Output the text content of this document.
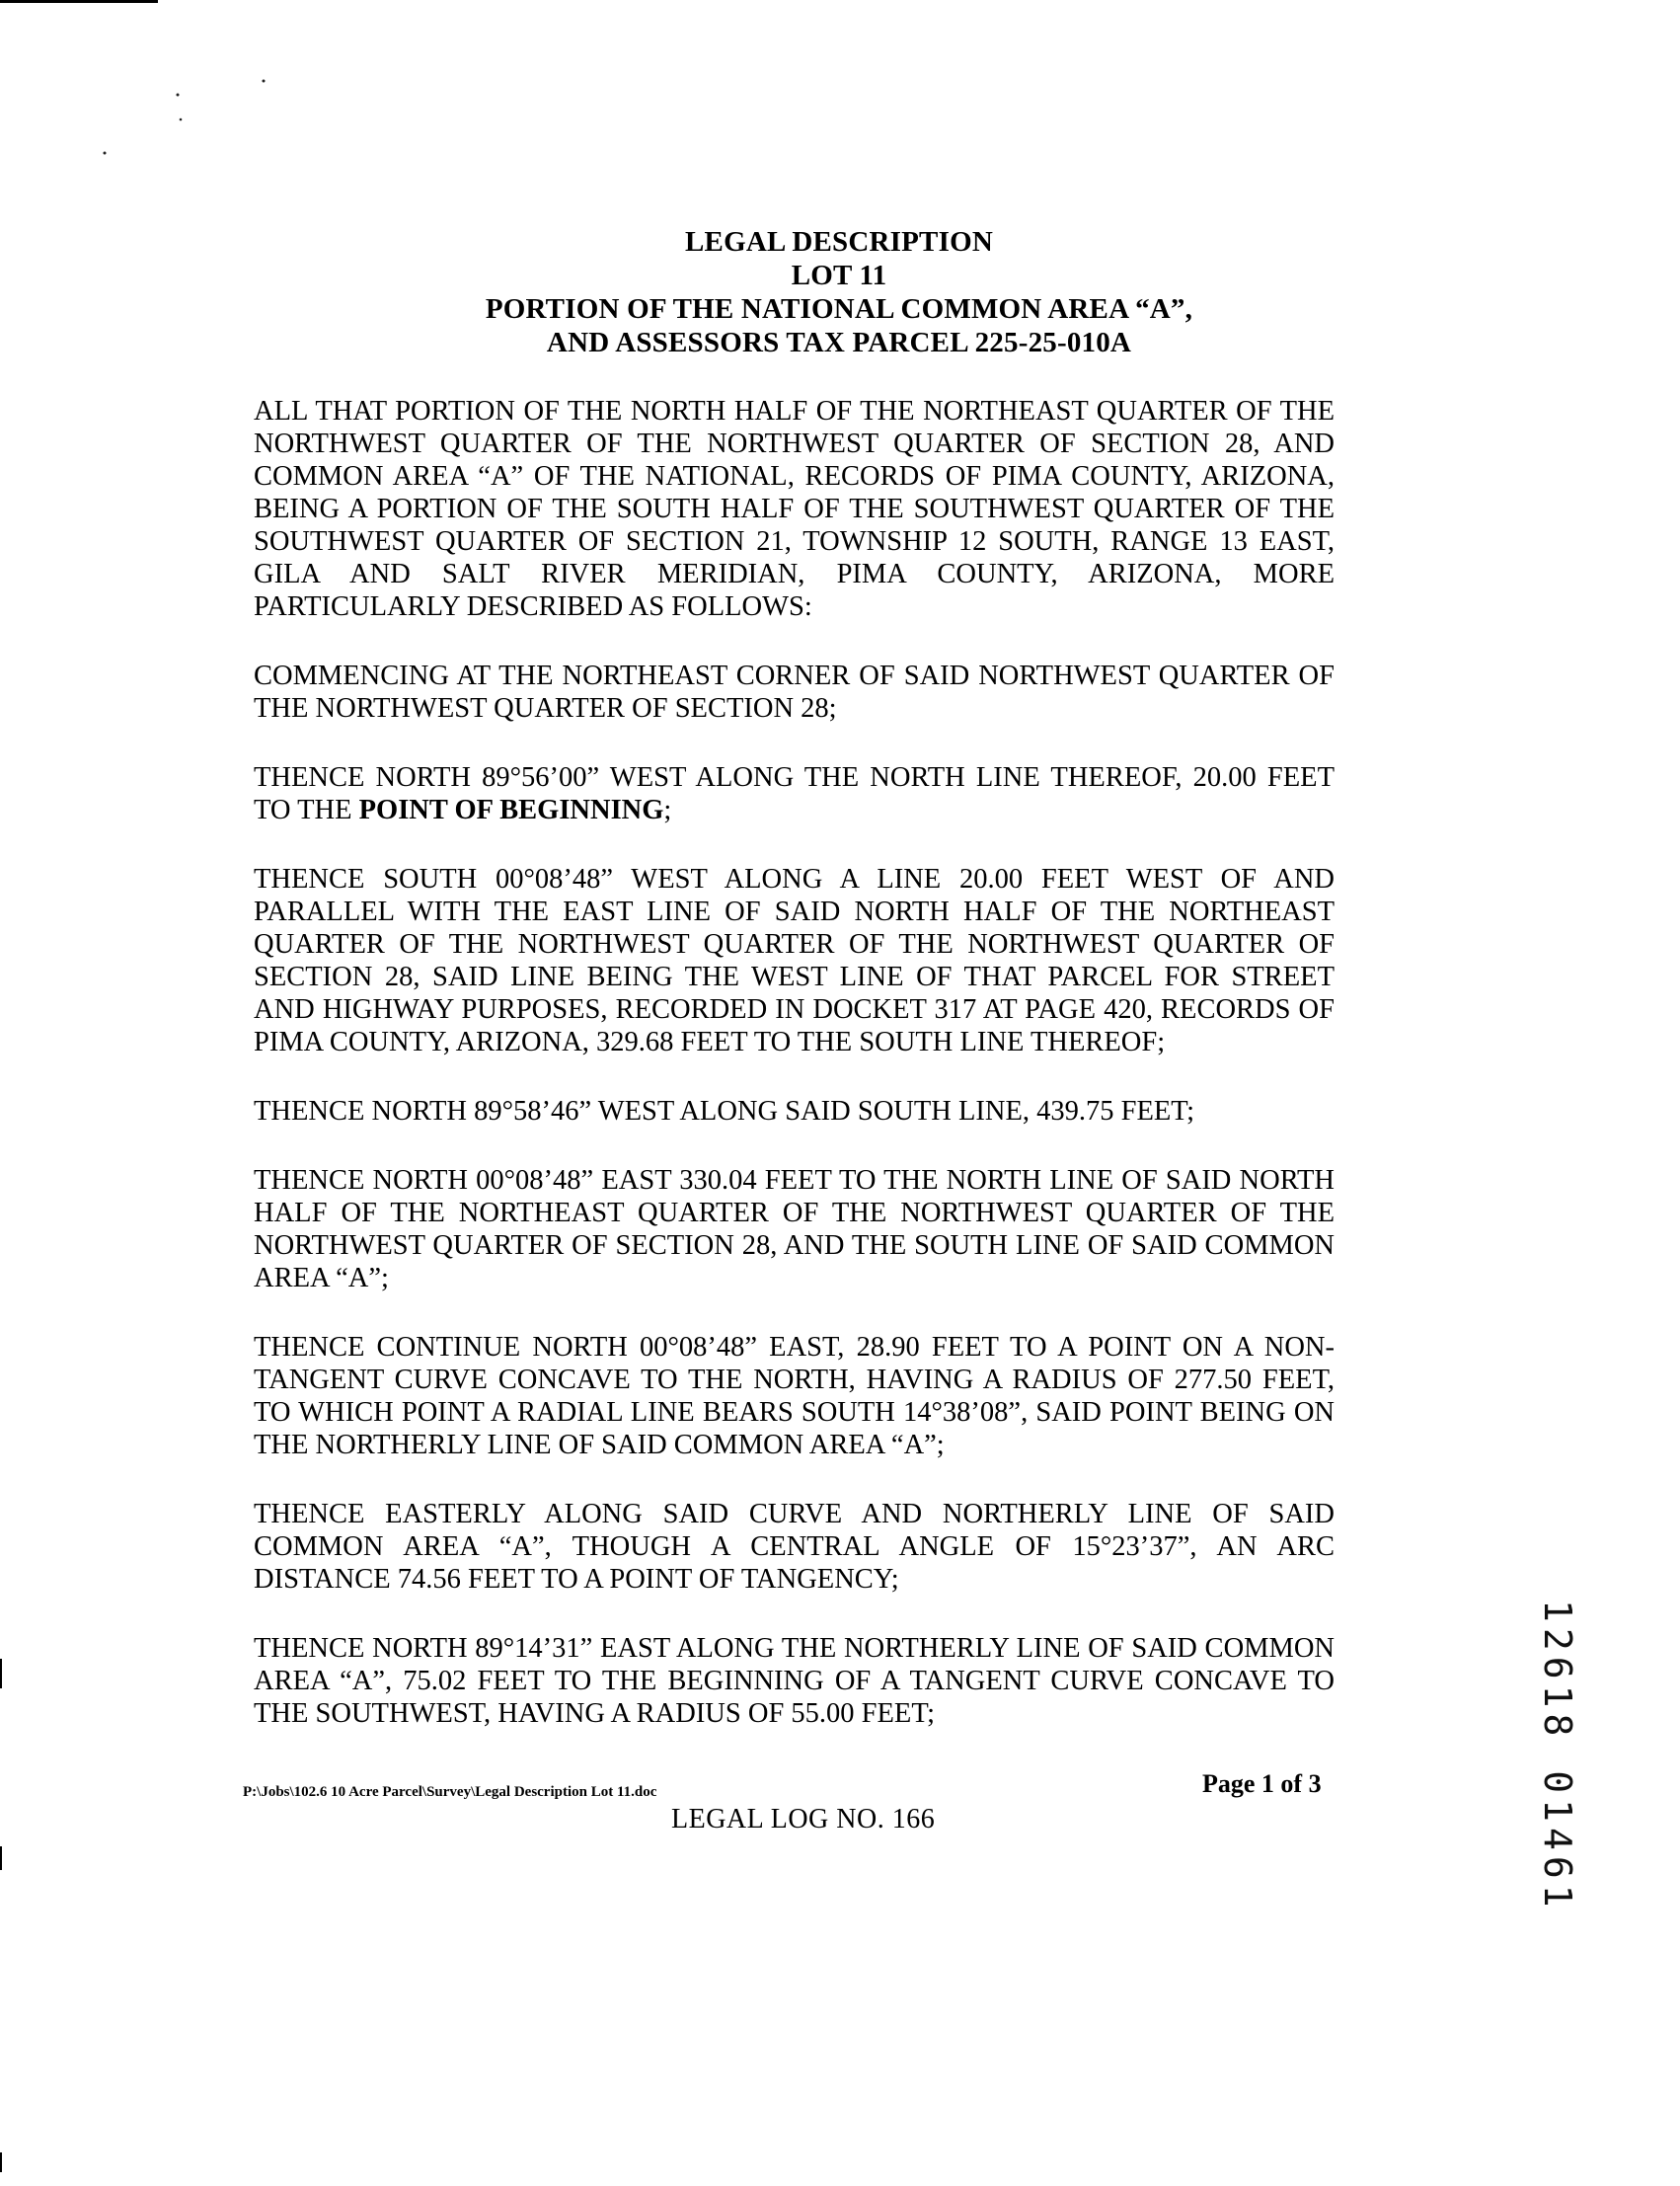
LEGAL DESCRIPTION
LOT 11
PORTION OF THE NATIONAL COMMON AREA “A”,
AND ASSESSORS TAX PARCEL 225-25-010A

ALL THAT PORTION OF THE NORTH HALF OF THE NORTHEAST QUARTER OF THE NORTHWEST QUARTER OF THE NORTHWEST QUARTER OF SECTION 28, AND COMMON AREA “A” OF THE NATIONAL, RECORDS OF PIMA COUNTY, ARIZONA, BEING A PORTION OF THE SOUTH HALF OF THE SOUTHWEST QUARTER OF THE SOUTHWEST QUARTER OF SECTION 21, TOWNSHIP 12 SOUTH, RANGE 13 EAST, GILA AND SALT RIVER MERIDIAN, PIMA COUNTY, ARIZONA, MORE PARTICULARLY DESCRIBED AS FOLLOWS:

COMMENCING AT THE NORTHEAST CORNER OF SAID NORTHWEST QUARTER OF THE NORTHWEST QUARTER OF SECTION 28;

THENCE NORTH 89°56’00” WEST ALONG THE NORTH LINE THEREOF, 20.00 FEET TO THE POINT OF BEGINNING;

THENCE SOUTH 00°08’48” WEST ALONG A LINE 20.00 FEET WEST OF AND PARALLEL WITH THE EAST LINE OF SAID NORTH HALF OF THE NORTHEAST QUARTER OF THE NORTHWEST QUARTER OF THE NORTHWEST QUARTER OF SECTION 28, SAID LINE BEING THE WEST LINE OF THAT PARCEL FOR STREET AND HIGHWAY PURPOSES, RECORDED IN DOCKET 317 AT PAGE 420, RECORDS OF PIMA COUNTY, ARIZONA, 329.68 FEET TO THE SOUTH LINE THEREOF;

THENCE NORTH 89°58’46” WEST ALONG SAID SOUTH LINE, 439.75 FEET;

THENCE NORTH 00°08’48” EAST 330.04 FEET TO THE NORTH LINE OF SAID NORTH HALF OF THE NORTHEAST QUARTER OF THE NORTHWEST QUARTER OF THE NORTHWEST QUARTER OF SECTION 28, AND THE SOUTH LINE OF SAID COMMON AREA “A”;

THENCE CONTINUE NORTH 00°08’48” EAST, 28.90 FEET TO A POINT ON A NON-TANGENT CURVE CONCAVE TO THE NORTH, HAVING A RADIUS OF 277.50 FEET, TO WHICH POINT A RADIAL LINE BEARS SOUTH 14°38’08”, SAID POINT BEING ON THE NORTHERLY LINE OF SAID COMMON AREA “A”;

THENCE EASTERLY ALONG SAID CURVE AND NORTHERLY LINE OF SAID COMMON AREA “A”, THOUGH A CENTRAL ANGLE OF 15°23’37”, AN ARC DISTANCE 74.56 FEET TO A POINT OF TANGENCY;

THENCE NORTH 89°14’31” EAST ALONG THE NORTHERLY LINE OF SAID COMMON AREA “A”, 75.02 FEET TO THE BEGINNING OF A TANGENT CURVE CONCAVE TO THE SOUTHWEST, HAVING A RADIUS OF 55.00 FEET;

P:\Jobs\102.6 10 Acre Parcel\Survey\Legal Description Lot 11.doc	Page 1 of 3
LEGAL LOG NO. 166	12618 01461
